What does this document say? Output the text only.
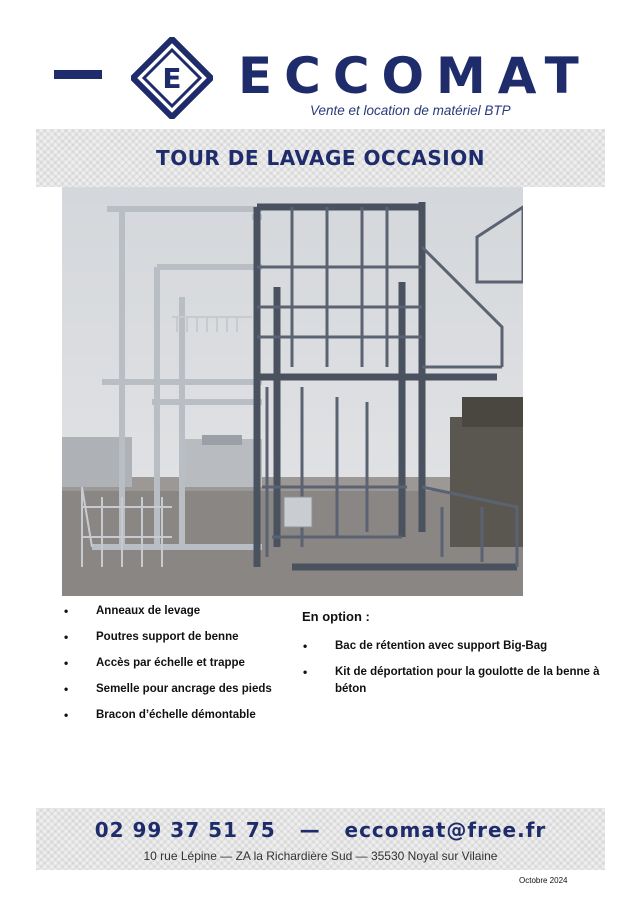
E ECCOMAT
Vente et location de matériel BTP
TOUR DE LAVAGE OCCASION
• Anneaux de levage
• Poutres support de benne
• Accès par échelle et trappe
• Semelle pour ancrage des pieds
• Bracon d’échelle démontable
En option :
• Bac de rétention avec support Big-Bag
• Kit de déportation pour la goulotte de la benne à béton
02 99 37 51 75 — eccomat@free.fr
10 rue Lépine — ZA la Richardière Sud — 35530 Noyal sur Vilaine
Octobre 2024
